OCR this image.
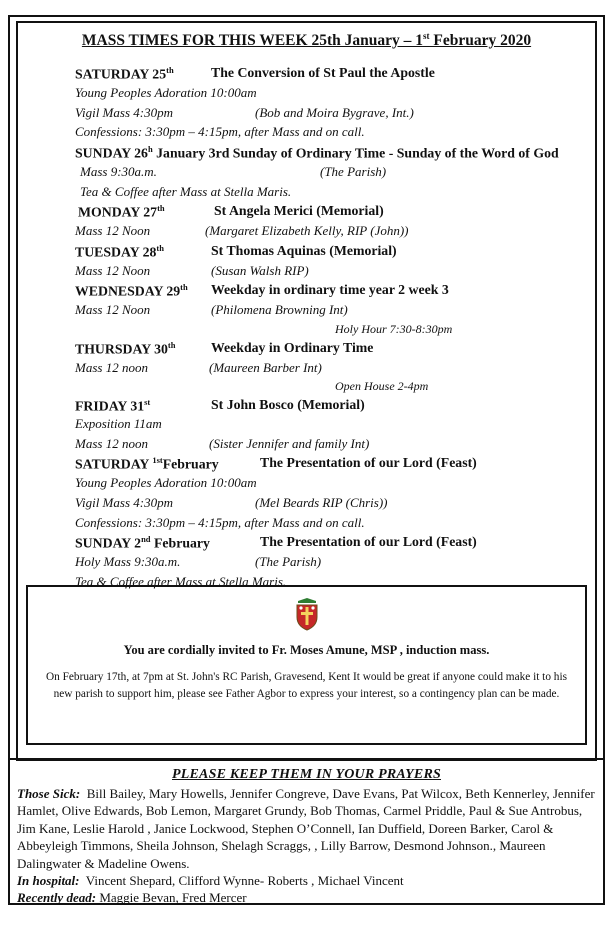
MASS TIMES FOR THIS WEEK 25th January – 1st February 2020
SATURDAY 25th	The Conversion of St Paul the Apostle
Young Peoples Adoration 10:00am
Vigil Mass 4:30pm	(Bob and Moira Bygrave, Int.)
Confessions: 3:30pm – 4:15pm, after Mass and on call.
SUNDAY 26$^h$ January 3rd Sunday of Ordinary Time - Sunday of the Word of God
Mass 9:30a.m.	(The Parish)
Tea & Coffee after Mass at Stella Maris.
MONDAY 27th	St Angela Merici (Memorial)
Mass 12 Noon	(Margaret Elizabeth Kelly, RIP (John))
TUESDAY 28th	St Thomas Aquinas (Memorial)
Mass 12 Noon	(Susan Walsh RIP)
WEDNESDAY 29th Weekday in ordinary time year 2 week 3
Mass 12 Noon	(Philomena Browning Int)
Holy Hour 7:30-8:30pm
THURSDAY 30th	Weekday in Ordinary Time
Mass 12 noon	(Maureen Barber Int)
Open House 2-4pm
FRIDAY 31st	St John Bosco (Memorial)
Exposition 11am
Mass 12 noon	(Sister Jennifer and family Int)
SATURDAY $^{1st}$February	The Presentation of our Lord (Feast)
Young Peoples Adoration 10:00am
Vigil Mass 4:30pm	(Mel Beards RIP (Chris))
Confessions: 3:30pm – 4:15pm, after Mass and on call.
SUNDAY 2nd February	The Presentation of our Lord (Feast)
Holy Mass 9:30a.m.	(The Parish)
Tea & Coffee after Mass at Stella Maris.
You are cordially invited to Fr. Moses Amune, MSP , induction mass.
On February 17th, at 7pm at St. John's RC Parish, Gravesend, Kent It would be great if anyone could make it to his new parish to support him, please see Father Agbor to express your interest, so a contingency plan can be made.
PLEASE KEEP THEM IN YOUR PRAYERS
Those Sick: Bill Bailey, Mary Howells, Jennifer Congreve, Dave Evans, Pat Wilcox, Beth Kennerley, Jennifer Hamlet, Olive Edwards, Bob Lemon, Margaret Grundy, Bob Thomas, Carmel Priddle, Paul & Sue Antrobus, Jim Kane, Leslie Harold , Janice Lockwood, Stephen O’Connell, Ian Duffield, Doreen Barker, Carol & Abbeyleigh Timmons, Sheila Johnson, Shelagh Scraggs, , Lilly Barrow, Desmond Johnson., Maureen Dalingwater & Madeline Owens.
In hospital: Vincent Shepard, Clifford Wynne- Roberts , Michael Vincent
Recently dead: Maggie Bevan, Fred Mercer
